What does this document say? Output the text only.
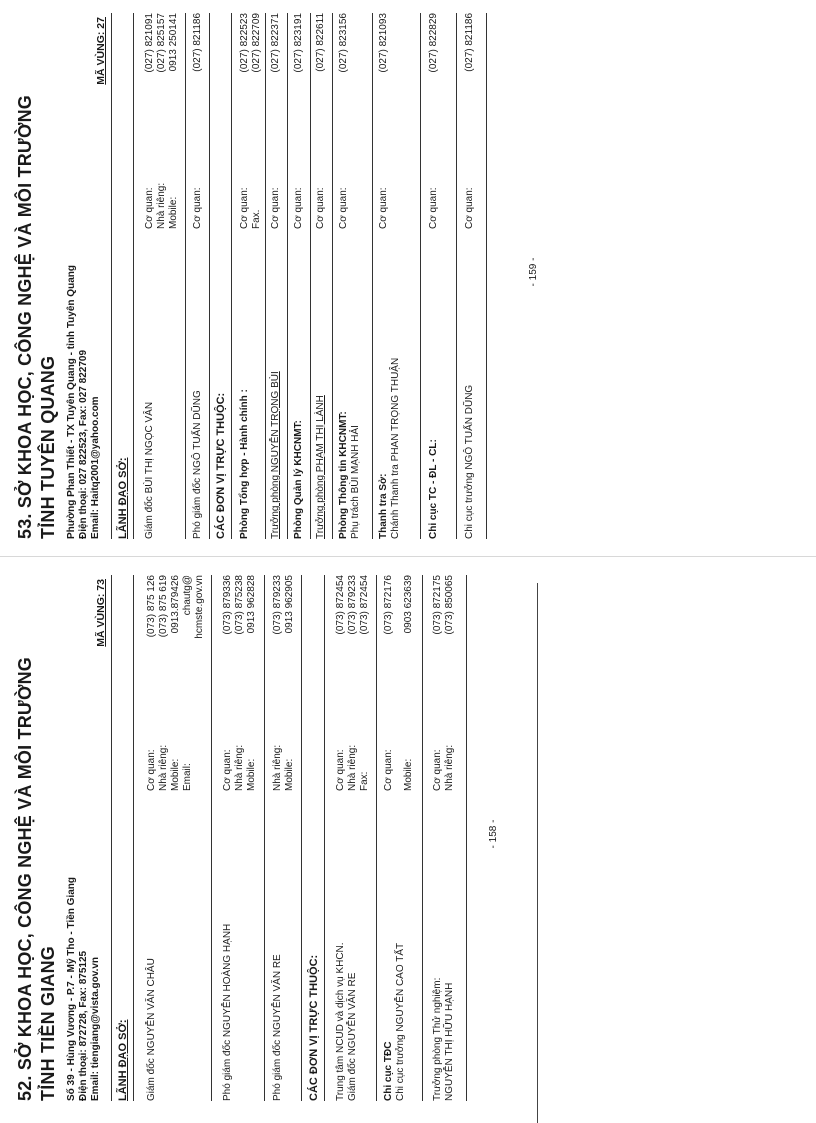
52. SỞ KHOA HỌC, CÔNG NGHỆ VÀ MÔI TRƯỜNG TỈNH TIỀN GIANG Số 39 - Hùng Vương - P.7 - Mỹ Tho - Tiền Giang Điện thoại: 872728, Fax: 875125 Email: tiengiang@vista.gov.vn
MÃ VÙNG: 73
LÃNH ĐẠO SỞ: Giám đốc NGUYỄN VĂN CHÂU
Cơ quan: Nhà riêng: Mobile: Email:
(073) 875 126 (073) 875 619 0913.879426 chautg@ hcmste.gov.vn
Phó giám đốc NGUYỄN HOÀNG HẠNH
Cơ quan: Nhà riêng: Mobile:
(073) 879336 (073) 875238 0913 962828
Phó giám đốc NGUYỄN VĂN RE
Nhà riêng: Mobile:
(073) 879233 0913 962905
CÁC ĐƠN VỊ TRỰC THUỘC: Trung tâm NCUD và dịch vụ KHCN. Giám đốc NGUYỄN VĂN RE
Cơ quan: Nhà riêng: Fax:
(073) 872454 (073) 879233 (073) 872454
Chi cục TĐC Chi cục trưởng NGUYỄN CAO TẤT
Cơ quan: Mobile:
(073) 872176 0903 623639
Trưởng phòng Thử nghiệm: NGUYỄN THỊ HỮU HẠNH
Cơ quan: Nhà riêng:
(073) 872175 (073) 850065
- 158 -
53. SỞ KHOA HỌC, CÔNG NGHỆ VÀ MÔI TRƯỜNG TỈNH TUYÊN QUANG Phường Phan Thiết - TX Tuyên Quang - tỉnh Tuyên Quang Điện thoại: 027 822523, Fax: 027 822709 Email: Haitq2001@yahoo.com
MÃ VÙNG: 27
LÃNH ĐẠO SỞ: Giám đốc BÙI THỊ NGỌC VÂN
Cơ quan: Nhà riêng: Mobile:
(027) 821091 (027) 825157 0913 250141
Phó giám đốc NGÔ TUẤN DŨNG
Cơ quan:
(027) 821186
CÁC ĐƠN VỊ TRỰC THUỘC: Phòng Tổng hợp - Hành chính :
Cơ quan: Fax.
(027) 822523 (027) 822709
Trưởng phòng NGUYỄN TRỌNG BÙI
Cơ quan:
(027) 822371
Phòng Quản lý KHCNMT:
Cơ quan:
(027) 823191
Trưởng phòng PHẠM THỊ LÀNH
Cơ quan:
(027) 822611
Phòng Thông tin KHCNMT: Phụ trách BÙI MẠNH HẢI
Cơ quan:
(027) 823156
Thanh tra Sở: Chánh Thanh tra PHAN TRỌNG THUẬN
Cơ quan:
(027) 821093
Chi cục TC - ĐL - CL:
Cơ quan:
(027) 822829
Chi cục trưởng NGÔ TUẤN DŨNG
Cơ quan:
(027) 821186
- 159 -
